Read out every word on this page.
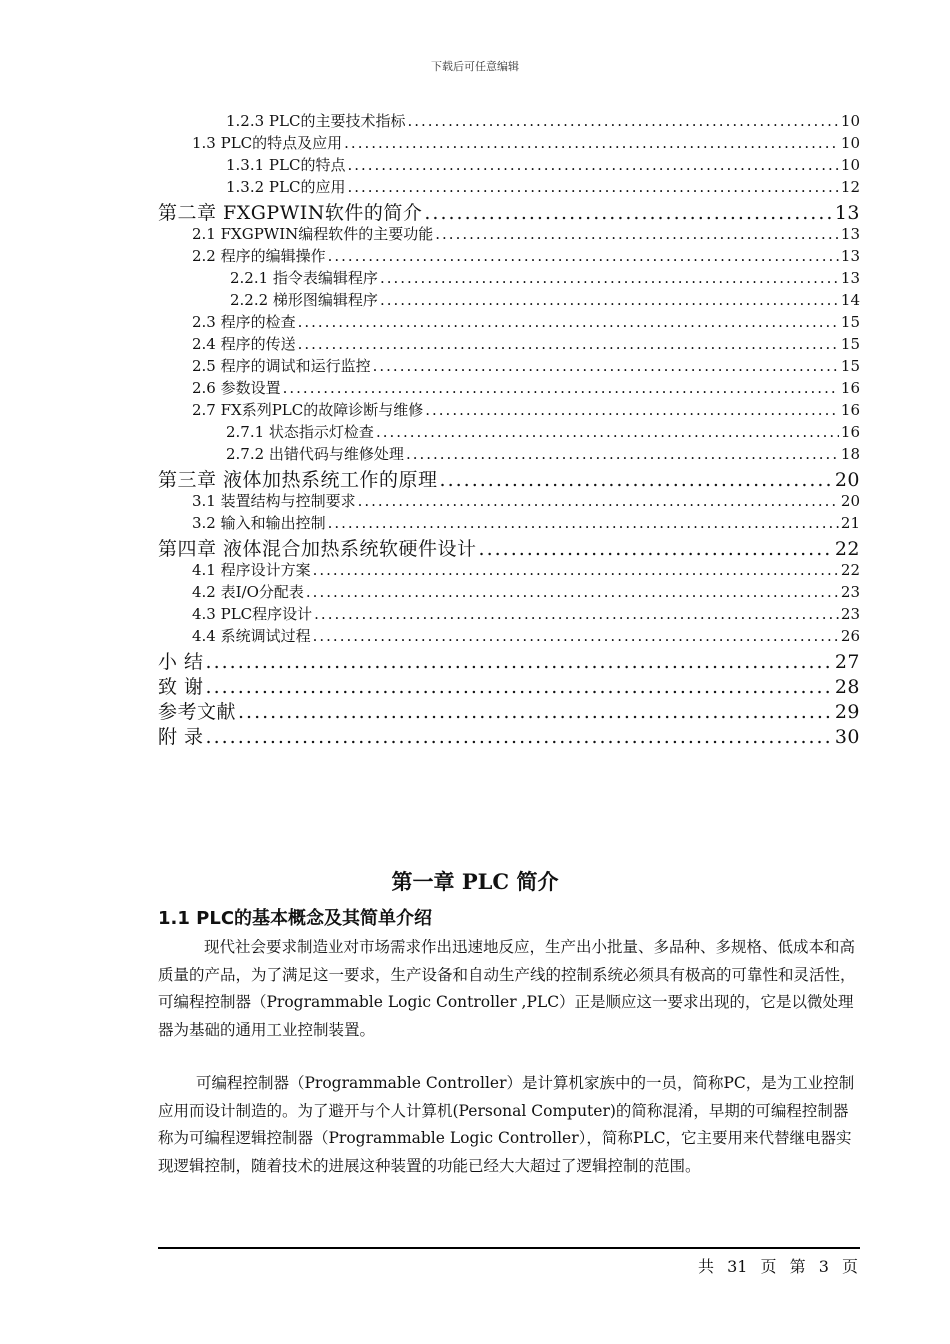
下载后可任意编辑
1.2.3 PLC的主要技术指标 .....	10
1.3 PLC的特点及应用 .....	10
1.3.1 PLC的特点 .....	10
1.3.2 PLC的应用 .....	12
第二章 FXGPWIN软件的简介 .....	13
2.1 FXGPWIN编程软件的主要功能 .....	13
2.2 程序的编辑操作 .....	13
2.2.1 指令表编辑程序 .....	13
2.2.2 梯形图编辑程序 .....	14
2.3 程序的检查 .....	15
2.4 程序的传送 .....	15
2.5 程序的调试和运行监控 .....	15
2.6 参数设置 .....	16
2.7 FX系列PLC的故障诊断与维修 .....	16
2.7.1 状态指示灯检查 .....	16
2.7.2 出错代码与维修处理 .....	18
第三章 液体加热系统工作的原理 .....	20
3.1 装置结构与控制要求 .....	20
3.2 输入和输出控制 .....	21
第四章 液体混合加热系统软硬件设计 .....	22
4.1 程序设计方案 .....	22
4.2 表I/O分配表 .....	23
4.3 PLC程序设计 .....	23
4.4 系统调试过程 .....	26
小 结 .....	27
致 谢 .....	28
参考文献 .....	29
附 录 .....	30
第一章 PLC 简介
1.1 PLC的基本概念及其简单介绍
现代社会要求制造业对市场需求作出迅速地反应，生产出小批量、多品种、多规格、低成本和高质量的产品，为了满足这一要求，生产设备和自动生产线的控制系统必须具有极高的可靠性和灵活性，可编程控制器（Programmable Logic Controller ,PLC）正是顺应这一要求出现的，它是以微处理器为基础的通用工业控制装置。
可编程控制器（Programmable Controller）是计算机家族中的一员，简称PC，是为工业控制应用而设计制造的。为了避开与个人计算机(Personal Computer)的简称混淆，早期的可编程控制器称为可编程逻辑控制器（Programmable Logic Controller），简称PLC，它主要用来代替继电器实现逻辑控制，随着技术的进展这种装置的功能已经大大超过了逻辑控制的范围。
共 31 页 第 3 页
